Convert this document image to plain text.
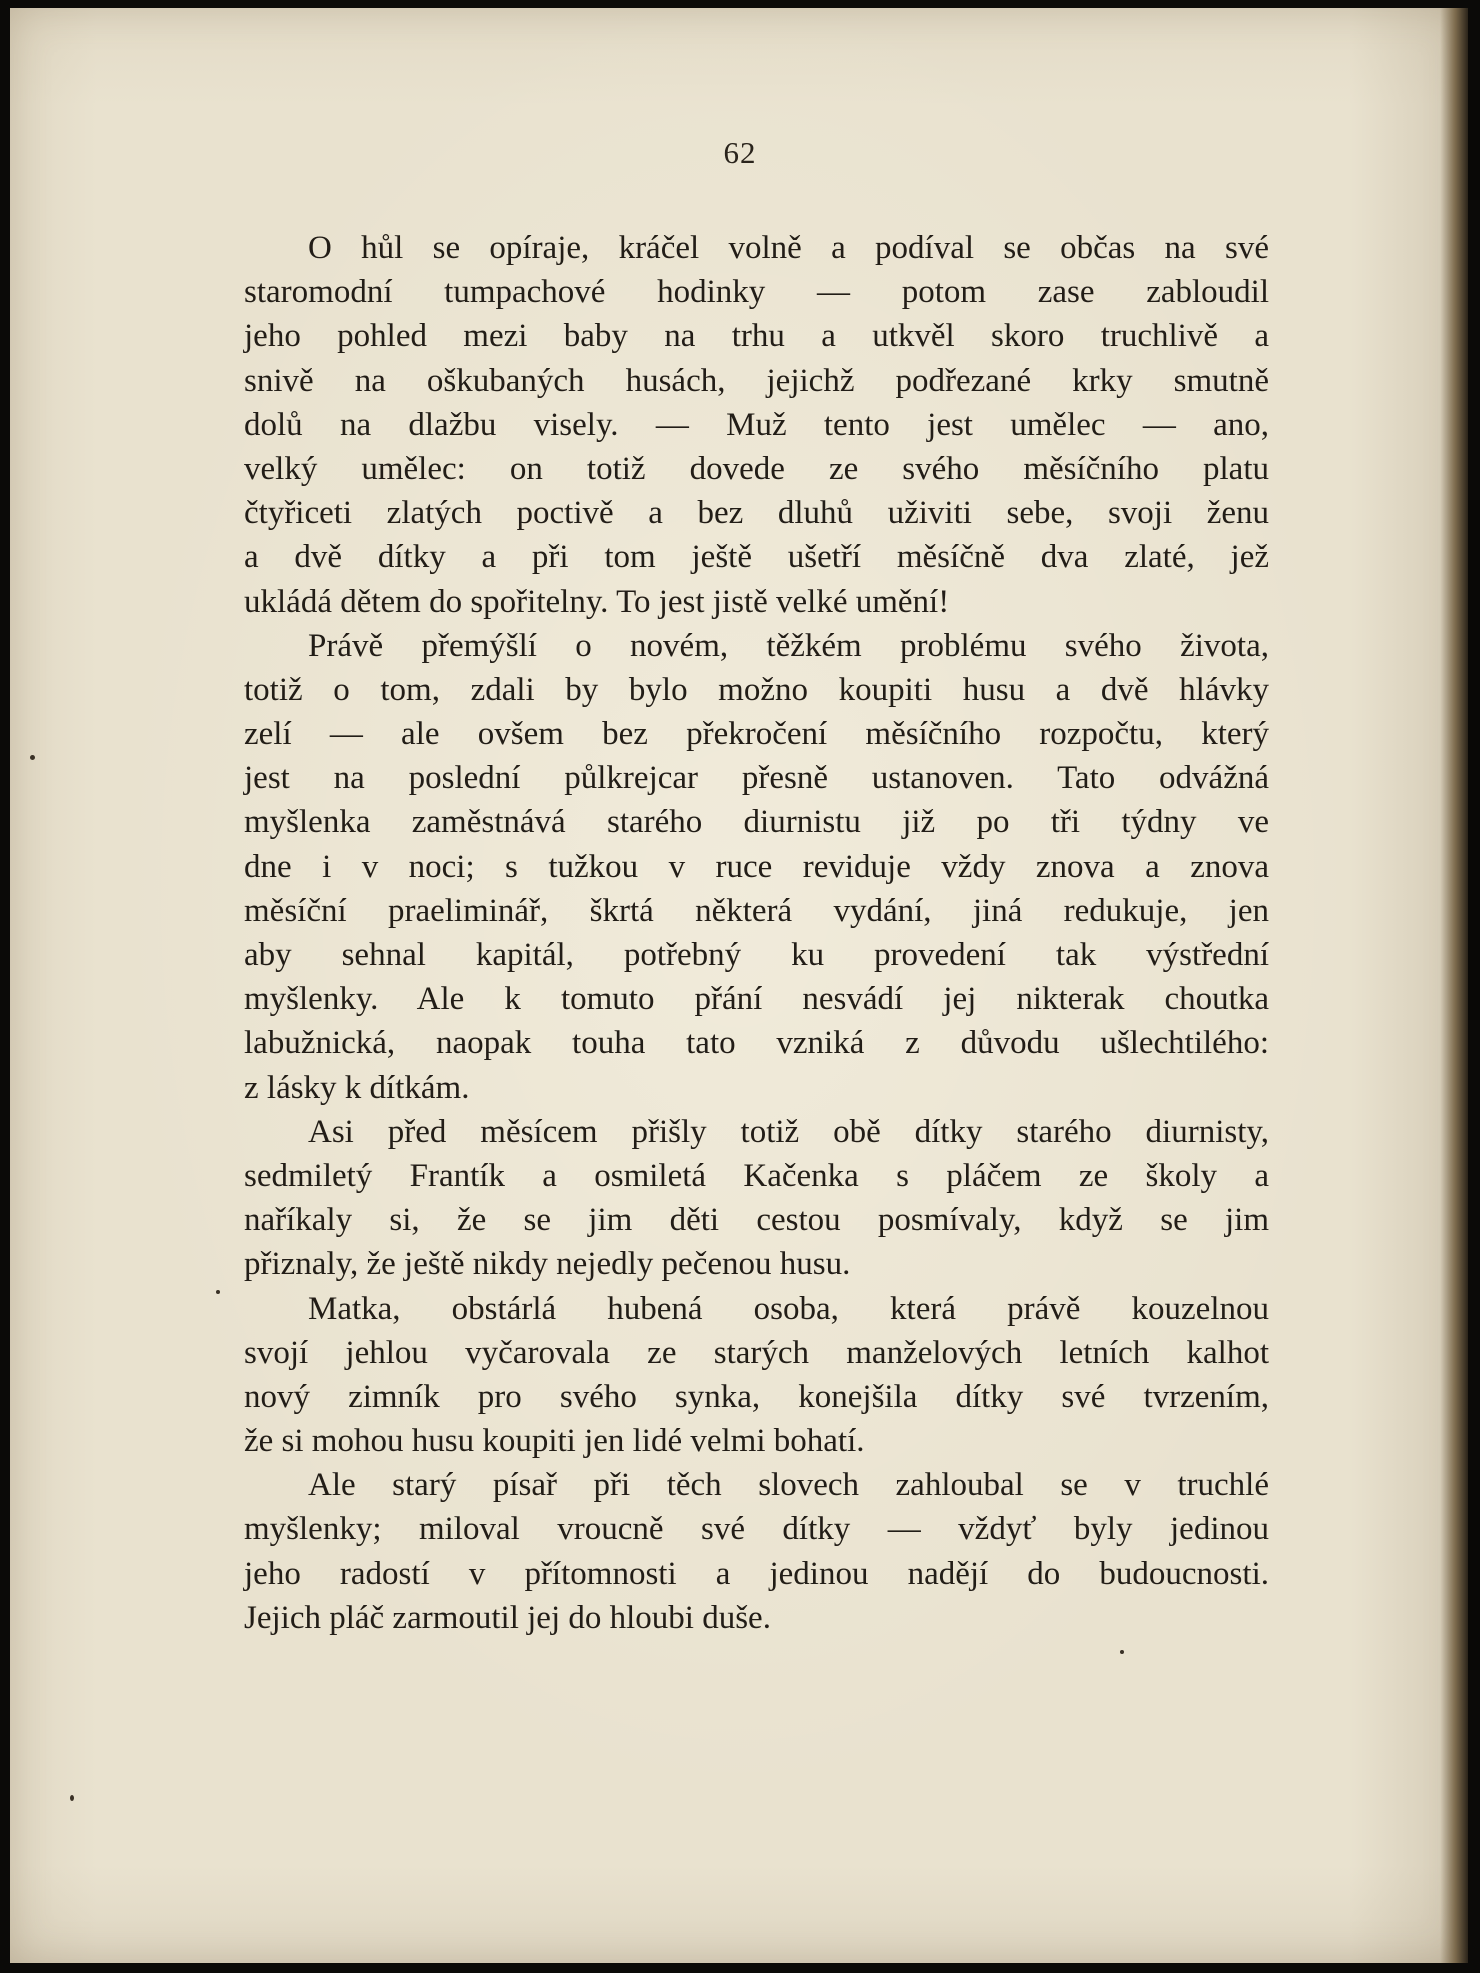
62

O hůl se opíraje, kráčel volně a podíval se občas na své
staromodní tumpachové hodinky — potom zase zabloudil
jeho pohled mezi baby na trhu a utkvěl skoro truchlivě a
snivě na oškubaných husách, jejichž podřezané krky smutně
dolů na dlažbu visely. — Muž tento jest umělec — ano,
velký umělec: on totiž dovede ze svého měsíčního platu
čtyřiceti zlatých poctivě a bez dluhů uživiti sebe, svoji ženu
a dvě dítky a při tom ještě ušetří měsíčně dva zlaté, jež
ukládá dětem do spořitelny. To jest jistě velké umění!

Právě přemýšlí o novém, těžkém problému svého života,
totiž o tom, zdali by bylo možno koupiti husu a dvě hlávky
zelí — ale ovšem bez překročení měsíčního rozpočtu, který
jest na poslední půlkrejcar přesně ustanoven. Tato odvážná
myšlenka zaměstnává starého diurnistu již po tři týdny ve
dne i v noci; s tužkou v ruce reviduje vždy znova a znova
měsíční praeliminář, škrtá některá vydání, jiná redukuje, jen
aby sehnal kapitál, potřebný ku provedení tak výstřední
myšlenky. Ale k tomuto přání nesvádí jej nikterak choutka
labužnická, naopak touha tato vzniká z důvodu ušlechtilého:
z lásky k dítkám.

Asi před měsícem přišly totiž obě dítky starého diurnisty,
sedmiletý Frantík a osmiletá Kačenka s pláčem ze školy a
naříkaly si, že se jim děti cestou posmívaly, když se jim
přiznaly, že ještě nikdy nejedly pečenou husu.

Matka, obstárlá hubená osoba, která právě kouzelnou
svojí jehlou vyčarovala ze starých manželových letních kalhot
nový zimník pro svého synka, konejšila dítky své tvrzením,
že si mohou husu koupiti jen lidé velmi bohatí.

Ale starý písař při těch slovech zahloubal se v truchlé
myšlenky; miloval vroucně své dítky — vždyť byly jedinou
jeho radostí v přítomnosti a jedinou nadějí do budoucnosti.
Jejich pláč zarmoutil jej do hloubi duše.
